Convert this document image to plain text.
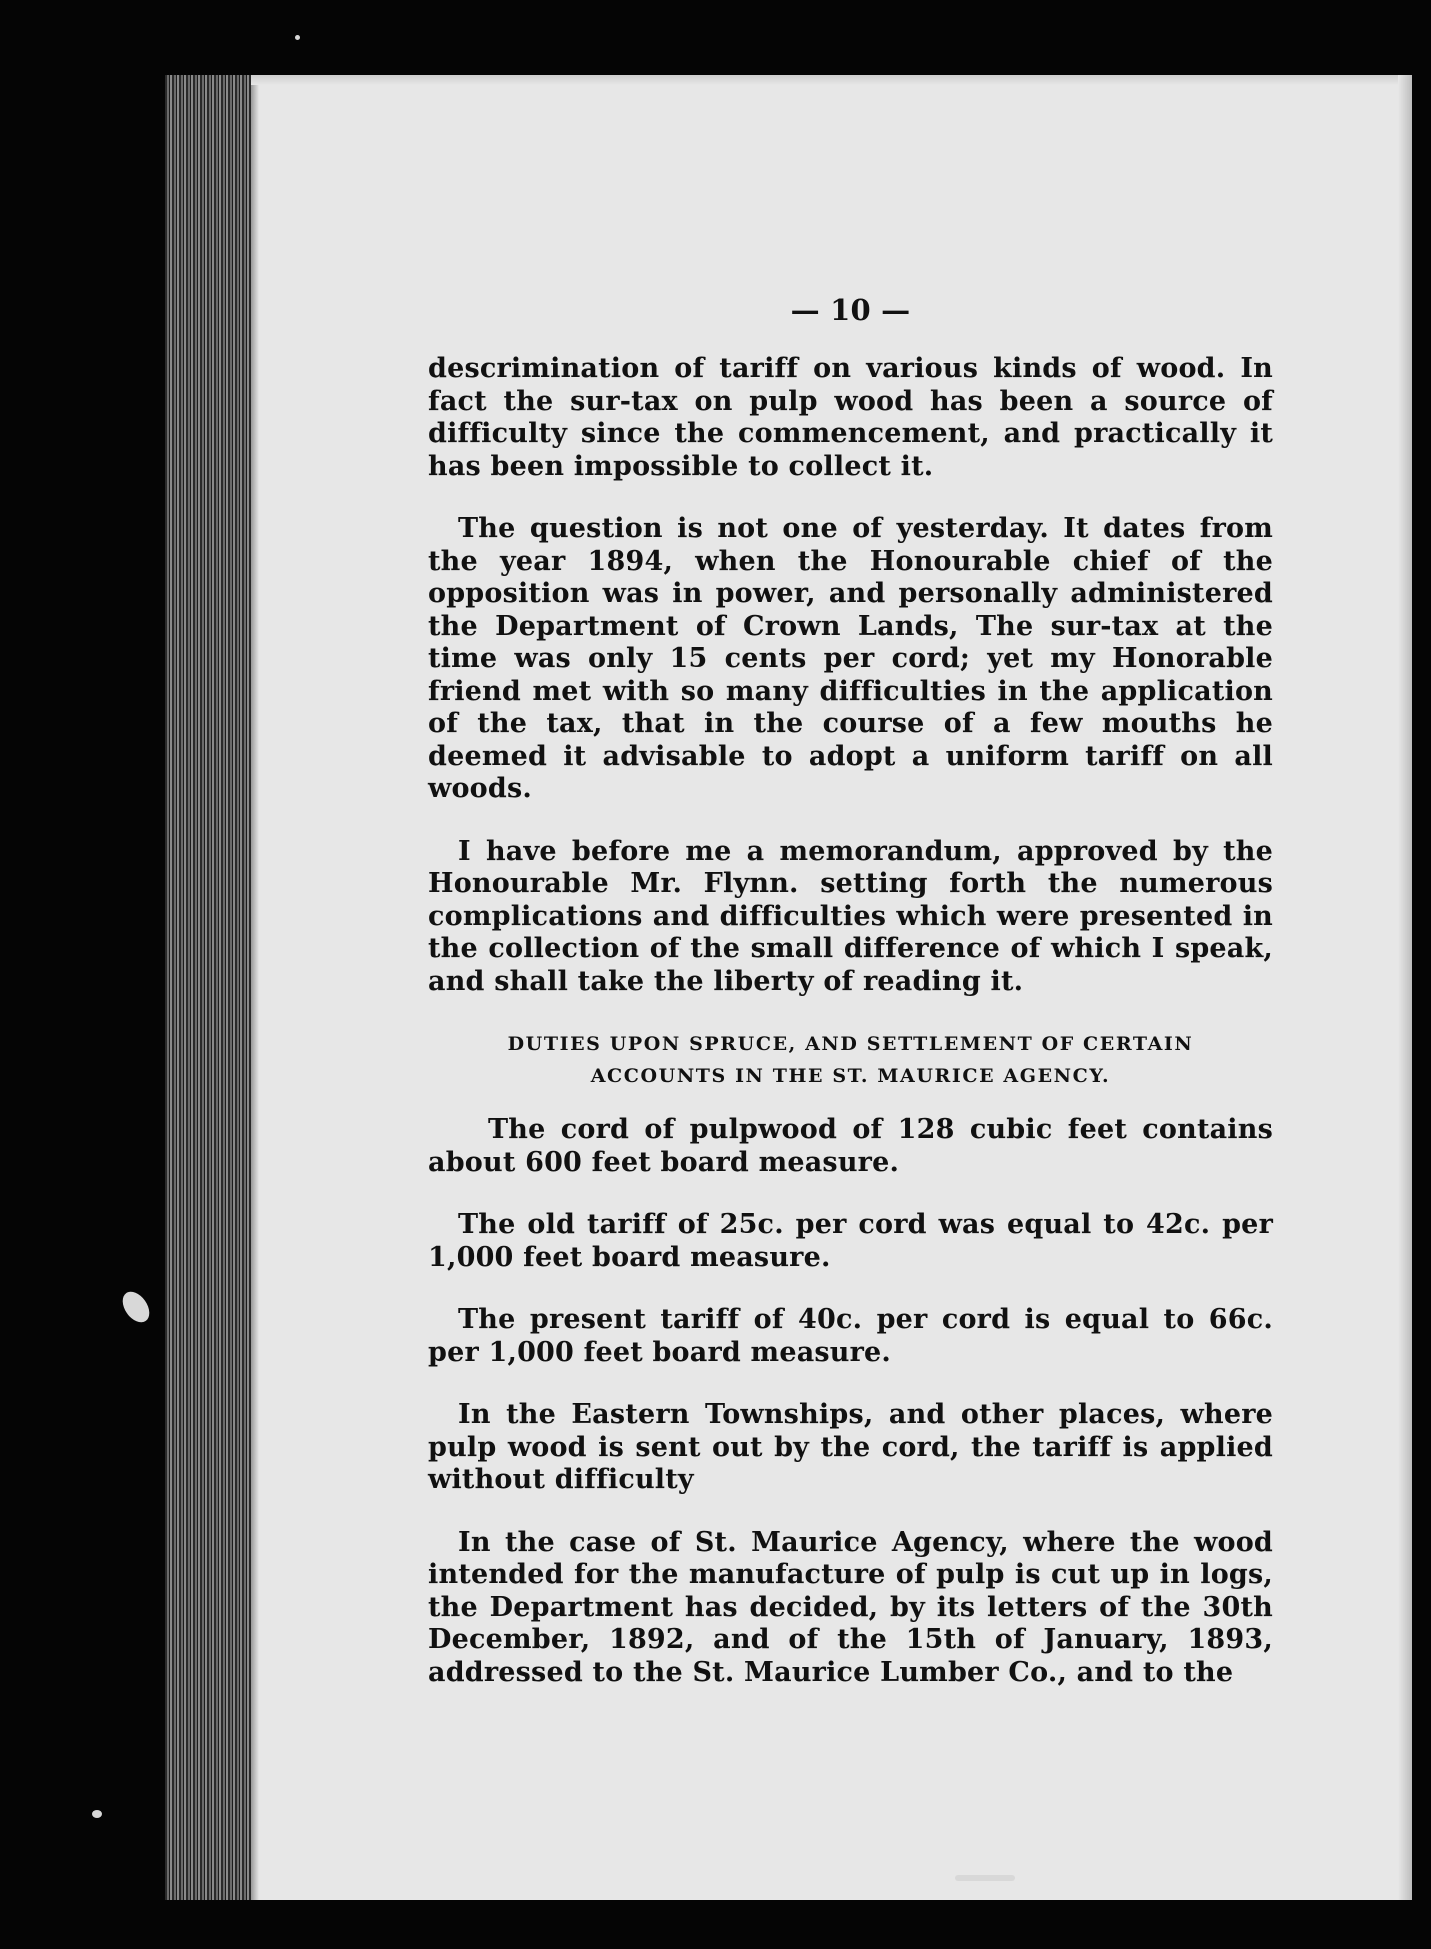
— 10 —

descrimination of tariff on various kinds of wood. In fact the sur-tax on pulp wood has been a source of difficulty since the commencement, and practically it has been impossible to collect it.

The question is not one of yesterday. It dates from the year 1894, when the Honourable chief of the opposition was in power, and personally administered the Department of Crown Lands, The sur-tax at the time was only 15 cents per cord; yet my Honorable friend met with so many difficulties in the application of the tax, that in the course of a few mouths he deemed it advisable to adopt a uniform tariff on all woods.

I have before me a memorandum, approved by the Honourable Mr. Flynn. setting forth the numerous complications and difficulties which were presented in the collection of the small difference of which I speak, and shall take the liberty of reading it.

DUTIES UPON SPRUCE, AND SETTLEMENT OF CERTAIN
ACCOUNTS IN THE ST. MAURICE AGENCY.

The cord of pulpwood of 128 cubic feet contains about 600 feet board measure.

The old tariff of 25c. per cord was equal to 42c. per 1,000 feet board measure.

The present tariff of 40c. per cord is equal to 66c. per 1,000 feet board measure.

In the Eastern Townships, and other places, where pulp wood is sent out by the cord, the tariff is applied without difficulty

In the case of St. Maurice Agency, where the wood intended for the manufacture of pulp is cut up in logs, the Department has decided, by its letters of the 30th December, 1892, and of the 15th of January, 1893, addressed to the St. Maurice Lumber Co., and to the
